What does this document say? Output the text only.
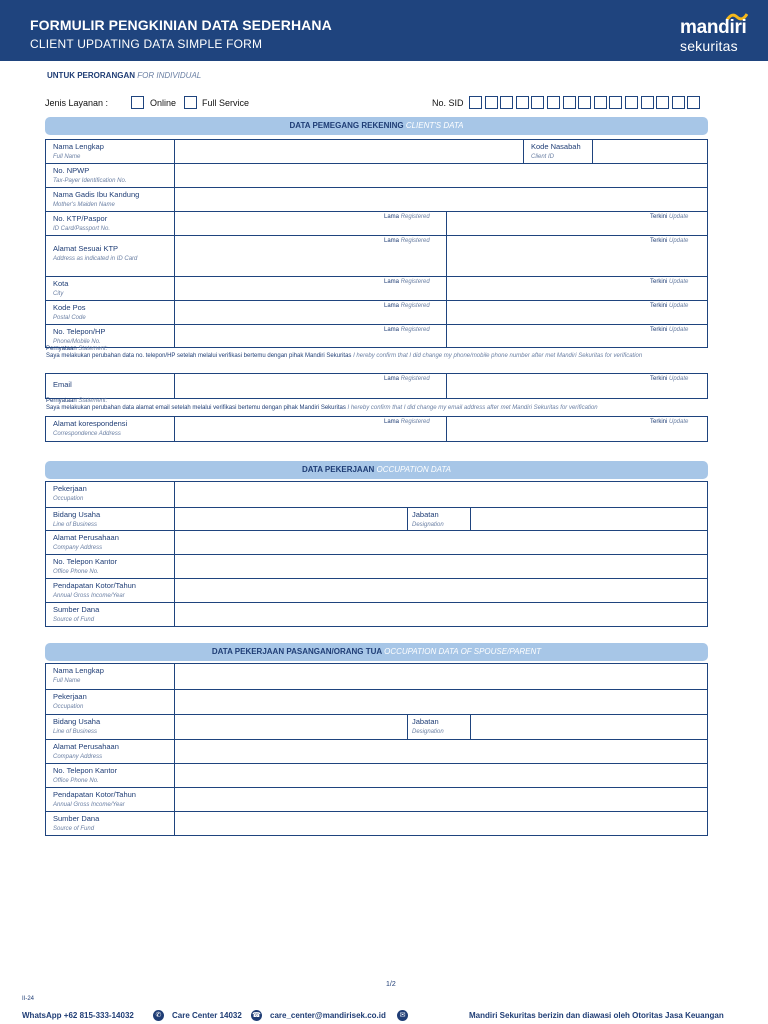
FORMULIR PENGKINIAN DATA SEDERHANA
CLIENT UPDATING DATA SIMPLE FORM
mandiri
sekuritas
UNTUK PERORANGAN FOR INDIVIDUAL
Jenis Layanan :	Online	Full Service	No. SID
DATA PEMEGANG REKENING CLIENT'S DATA
Nama Lengkap
Full Name
Kode Nasabah
Client ID
No. NPWP
Tax-Payer Identification No.
Nama Gadis Ibu Kandung
Mother's Maiden Name
No. KTP/Paspor
ID Card/Passport No.
Lama Registered	Terkini Update
Alamat Sesuai KTP
Address as indicated in ID Card
Lama Registered	Terkini Update
Kota
City
Lama Registered	Terkini Update
Kode Pos
Postal Code
Lama Registered	Terkini Update
No. Telepon/HP
Phone/Mobile No.
Lama Registered	Terkini Update
Pernyataan Statement:
Saya melakukan perubahan data no. telepon/HP setelah melalui verifikasi bertemu dengan pihak Mandiri Sekuritas I hereby confirm that I did change my phone/mobile phone number after met Mandiri Sekuritas for verification
Email
Lama Registered	Terkini Update
Pernyataan Statement:
Saya melakukan perubahan data alamat email setelah melalui verifikasi bertemu dengan pihak Mandiri Sekuritas I hereby confirm that I did change my email address after met Mandiri Sekuritas for verification
Alamat korespondensi
Correspondence Address
Lama Registered	Terkini Update
DATA PEKERJAAN OCCUPATION DATA
Pekerjaan
Occupation
Bidang Usaha
Line of Business
Jabatan
Designation
Alamat Perusahaan
Company Address
No. Telepon Kantor
Office Phone No.
Pendapatan Kotor/Tahun
Annual Gross Income/Year
Sumber Dana
Source of Fund
DATA PEKERJAAN PASANGAN/ORANG TUA OCCUPATION DATA OF SPOUSE/PARENT
Nama Lengkap
Full Name
Pekerjaan
Occupation
Bidang Usaha
Line of Business
Jabatan
Designation
Alamat Perusahaan
Company Address
No. Telepon Kantor
Office Phone No.
Pendapatan Kotor/Tahun
Annual Gross Income/Year
Sumber Dana
Source of Fund
1/2
II-24
WhatsApp +62 815-333-14032	✆	Care Center 14032 ☎ care_center@mandirisek.co.id	✉	Mandiri Sekuritas berizin dan diawasi oleh Otoritas Jasa Keuangan
